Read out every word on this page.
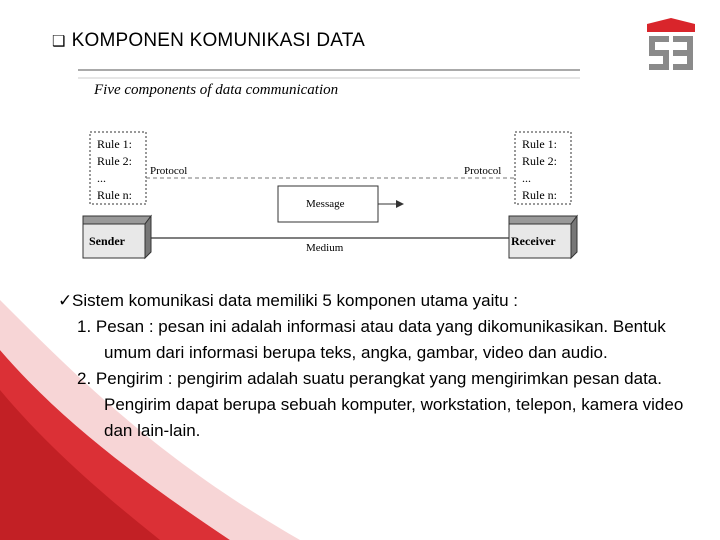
❑ KOMPONEN KOMUNIKASI DATA
Five components of data communication
Rule 1:
Rule 2:
...
Rule n:
Rule 1:
Rule 2:
...
Rule n:
Protocol	Protocol
Message
Medium
Sender	Receiver
✓Sistem komunikasi data memiliki 5 komponen utama yaitu :
1. Pesan : pesan ini adalah informasi atau data yang dikomunikasikan. Bentuk umum dari informasi berupa teks, angka, gambar, video dan audio.
2. Pengirim : pengirim adalah suatu perangkat yang mengirimkan pesan data. Pengirim dapat berupa sebuah komputer, workstation, telepon, kamera video dan lain-lain.
